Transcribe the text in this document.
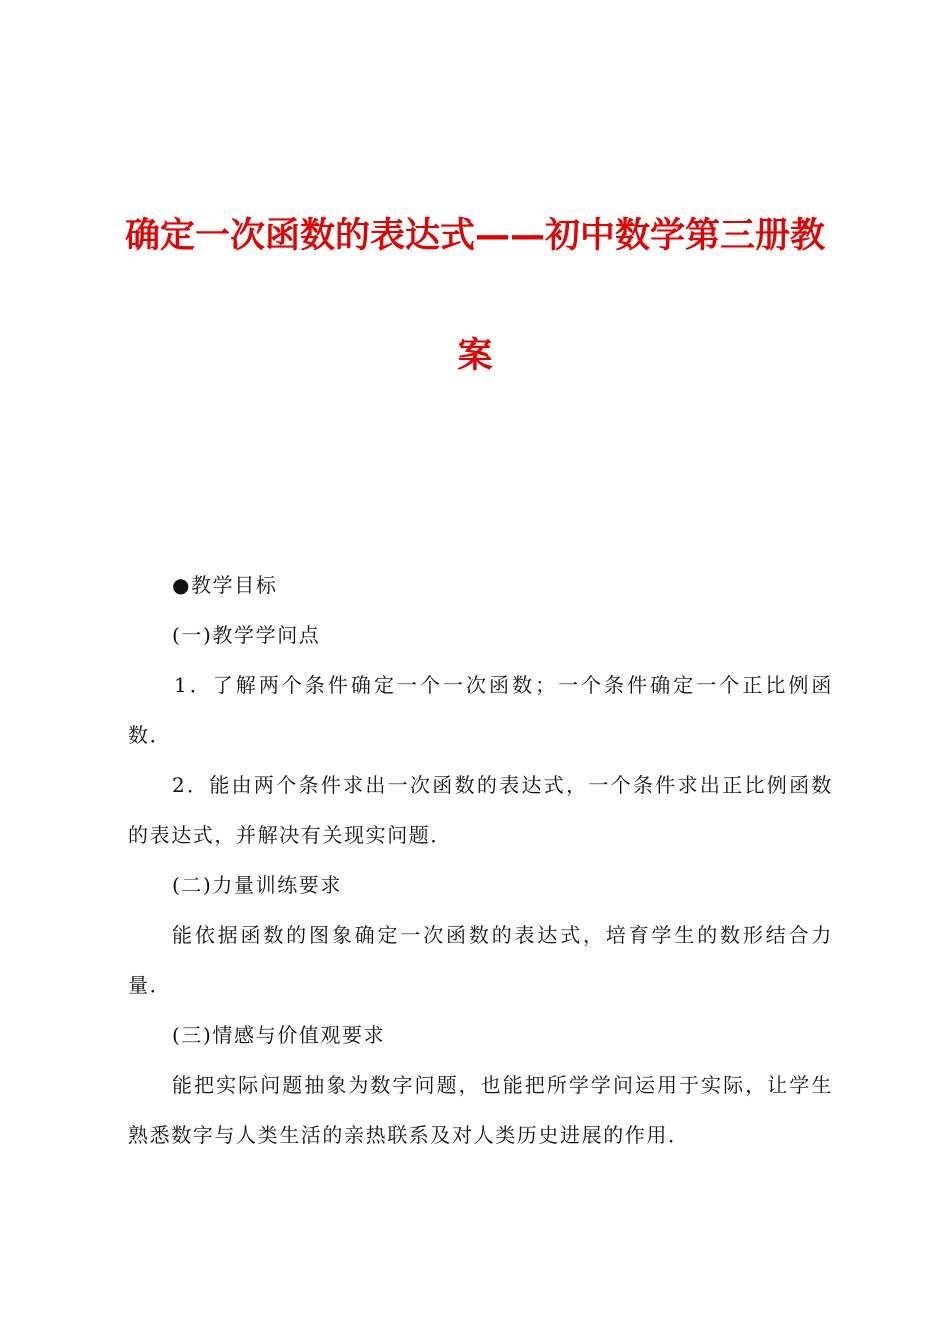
确定一次函数的表达式——初中数学第三册教
案

●教学目标

(一)教学学问点

1．了解两个条件确定一个一次函数；一个条件确定一个正比例函数．

2．能由两个条件求出一次函数的表达式，一个条件求出正比例函数的表达式，并解决有关现实问题．

(二)力量训练要求

能依据函数的图象确定一次函数的表达式，培育学生的数形结合力量．

(三)情感与价值观要求

能把实际问题抽象为数字问题，也能把所学学问运用于实际，让学生熟悉数字与人类生活的亲热联系及对人类历史进展的作用．
